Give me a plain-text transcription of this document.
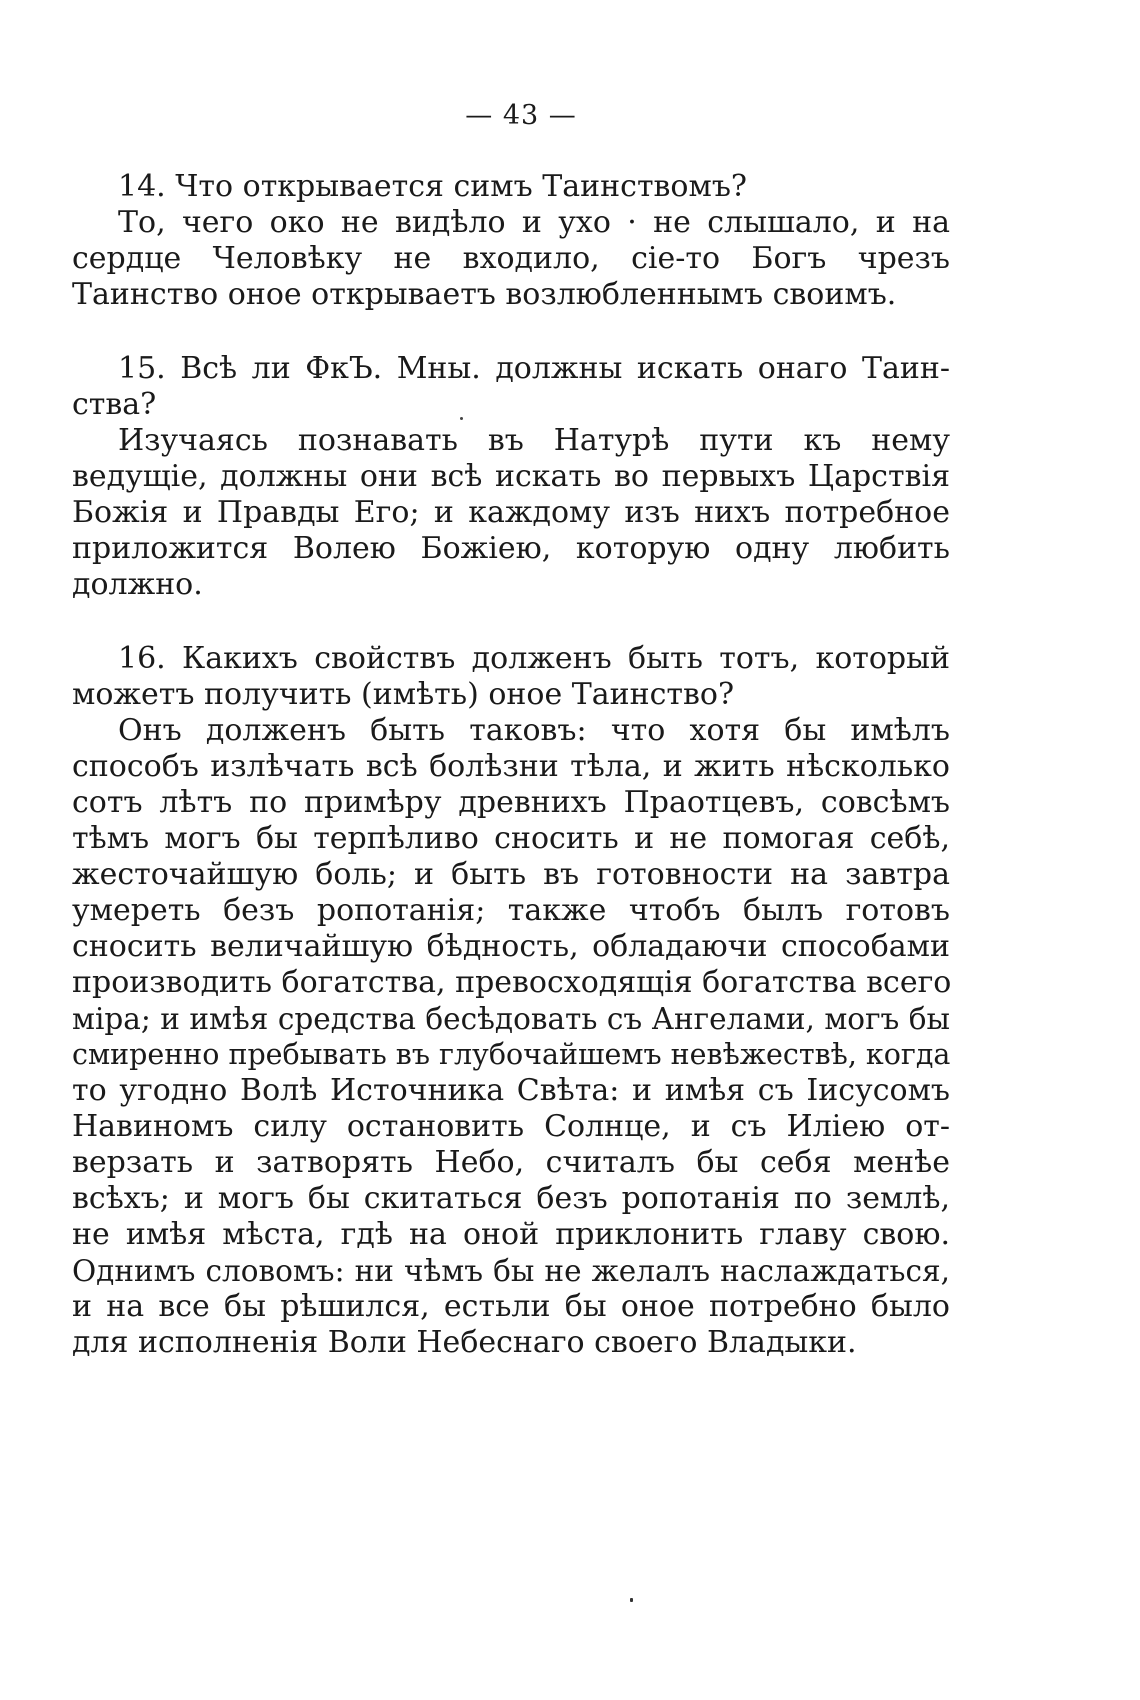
— 43 —
14. Что открывается симъ Таинствомъ?
То, чего око не видѣло и ухо · не слышало, и на
сердце Человѣку не входило, сіе-то Богъ чрезъ
Таинство оное открываетъ возлюбленнымъ своимъ.
15. Всѣ ли ФкЪ. Мны. должны искать онаго Таин-
ства?
Изучаясь познавать въ Натурѣ пути къ нему
ведущіе, должны они всѣ искать во первыхъ Царствія
Божія и Правды Его; и каждому изъ нихъ потребное
приложится Волею Божіею, которую одну любить
должно.
16. Какихъ свойствъ долженъ быть тотъ, который
можетъ получить (имѣть) оное Таинство?
Онъ долженъ быть таковъ: что хотя бы имѣлъ
способъ излѣчать всѣ болѣзни тѣла, и жить нѣсколько
сотъ лѣтъ по примѣру древнихъ Праотцевъ, совсѣмъ
тѣмъ могъ бы терпѣливо сносить и не помогая себѣ,
жесточайшую боль; и быть въ готовности на завтра
умереть безъ ропотанія; также чтобъ былъ готовъ
сносить величайшую бѣдность, обладаючи способами
производить богатства, превосходящія богатства всего
міра; и имѣя средства бесѣдовать съ Ангелами, могъ бы
смиренно пребывать въ глубочайшемъ невѣжествѣ, когда
то угодно Волѣ Источника Свѣта: и имѣя съ Іисусомъ
Навиномъ силу остановить Солнце, и съ Иліею от-
верзать и затворять Небо, считалъ бы себя менѣе
всѣхъ; и могъ бы скитаться безъ ропотанія по землѣ,
не имѣя мѣста, гдѣ на оной приклонить главу свою.
Однимъ словомъ: ни чѣмъ бы не желалъ наслаждаться,
и на все бы рѣшился, естьли бы оное потребно было
для исполненія Воли Небеснаго своего Владыки.
